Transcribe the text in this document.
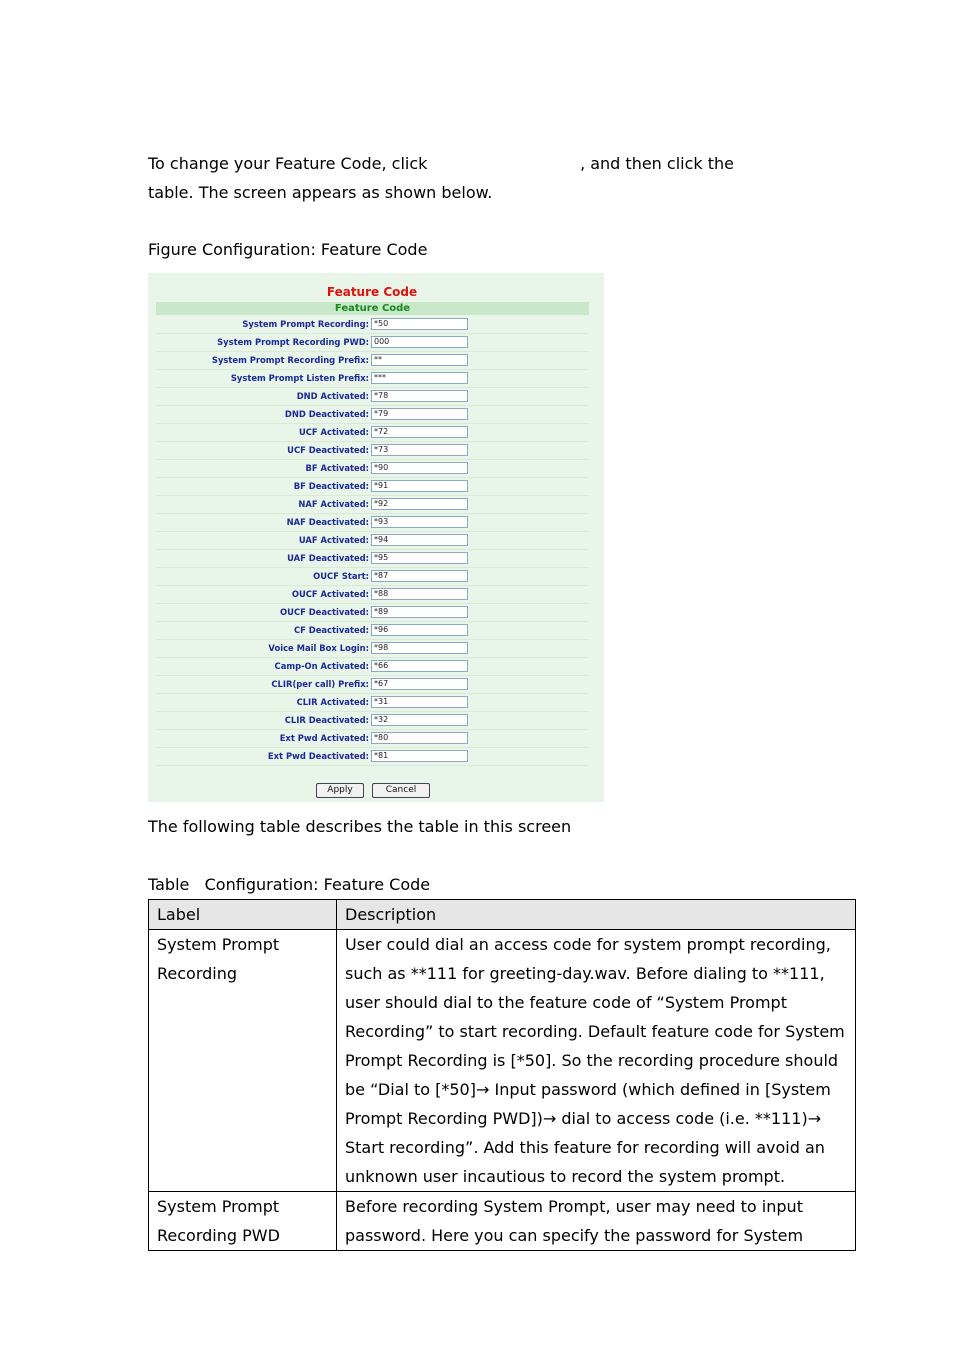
To change your Feature Code, click	, and then click the

table. The screen appears as shown below.

Figure Configuration: Feature Code

Feature Code
Feature Code
System Prompt Recording: *50
System Prompt Recording PWD: 000
System Prompt Recording Prefix: **
System Prompt Listen Prefix: ***
DND Activated: *78
DND Deactivated: *79
UCF Activated: *72
UCF Deactivated: *73
BF Activated: *90
BF Deactivated: *91
NAF Activated: *92
NAF Deactivated: *93
UAF Activated: *94
UAF Deactivated: *95
OUCF Start: *87
OUCF Activated: *88
OUCF Deactivated: *89
CF Deactivated: *96
Voice Mail Box Login: *98
Camp-On Activated: *66
CLIR(per call) Prefix: *67
CLIR Activated: *31
CLIR Deactivated: *32
Ext Pwd Activated: *80
Ext Pwd Deactivated: *81
Apply	Cancel

The following table describes the table in this screen

Table   Configuration: Feature Code

Label	Description
System Prompt Recording	User could dial an access code for system prompt recording, such as **111 for greeting-day.wav. Before dialing to **111, user should dial to the feature code of “System Prompt Recording” to start recording. Default feature code for System Prompt Recording is [*50]. So the recording procedure should be “Dial to [*50]→ Input password (which defined in [System Prompt Recording PWD])→ dial to access code (i.e. **111)→ Start recording”. Add this feature for recording will avoid an unknown user incautious to record the system prompt.
System Prompt Recording PWD	Before recording System Prompt, user may need to input password. Here you can specify the password for System
